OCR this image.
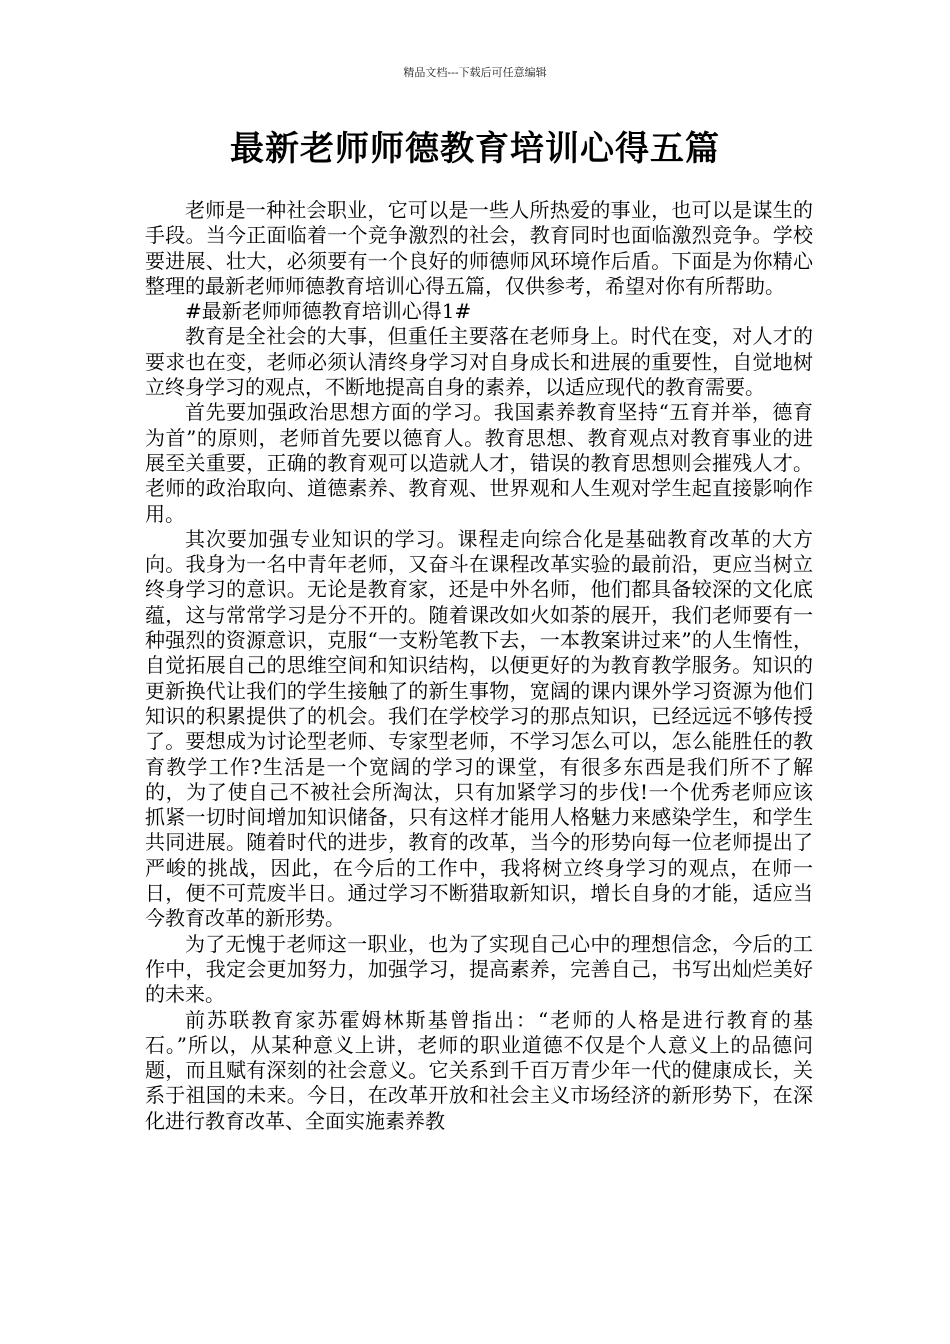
精品文档---下载后可任意编辑
最新老师师德教育培训心得五篇

老师是一种社会职业，它可以是一些人所热爱的事业，也可以是谋生的手段。当今正面临着一个竞争激烈的社会，教育同时也面临激烈竞争。学校要进展、壮大，必须要有一个良好的师德师风环境作后盾。下面是为你精心整理的最新老师师德教育培训心得五篇，仅供参考，希望对你有所帮助。

#最新老师师德教育培训心得1#

教育是全社会的大事，但重任主要落在老师身上。时代在变，对人才的要求也在变，老师必须认清终身学习对自身成长和进展的重要性，自觉地树立终身学习的观点，不断地提高自身的素养，以适应现代的教育需要。

首先要加强政治思想方面的学习。我国素养教育坚持“五育并举，德育为首”的原则，老师首先要以德育人。教育思想、教育观点对教育事业的进展至关重要，正确的教育观可以造就人才，错误的教育思想则会摧残人才。老师的政治取向、道德素养、教育观、世界观和人生观对学生起直接影响作用。

其次要加强专业知识的学习。课程走向综合化是基础教育改革的大方向。我身为一名中青年老师，又奋斗在课程改革实验的最前沿，更应当树立终身学习的意识。无论是教育家，还是中外名师，他们都具备较深的文化底蕴，这与常常学习是分不开的。随着课改如火如荼的展开，我们老师要有一种强烈的资源意识，克服“一支粉笔教下去，一本教案讲过来”的人生惰性，自觉拓展自己的思维空间和知识结构，以便更好的为教育教学服务。知识的更新换代让我们的学生接触了的新生事物，宽阔的课内课外学习资源为他们知识的积累提供了的机会。我们在学校学习的那点知识，已经远远不够传授了。要想成为讨论型老师、专家型老师，不学习怎么可以，怎么能胜任的教育教学工作?生活是一个宽阔的学习的课堂，有很多东西是我们所不了解的，为了使自己不被社会所淘汰，只有加紧学习的步伐!一个优秀老师应该抓紧一切时间增加知识储备，只有这样才能用人格魅力来感染学生，和学生共同进展。随着时代的进步，教育的改革，当今的形势向每一位老师提出了严峻的挑战，因此，在今后的工作中，我将树立终身学习的观点，在师一日，便不可荒废半日。通过学习不断猎取新知识，增长自身的才能，适应当今教育改革的新形势。

为了无愧于老师这一职业，也为了实现自己心中的理想信念，今后的工作中，我定会更加努力，加强学习，提高素养，完善自己，书写出灿烂美好的未来。

前苏联教育家苏霍姆林斯基曾指出：“老师的人格是进行教育的基石。”所以，从某种意义上讲，老师的职业道德不仅是个人意义上的品德问题，而且赋有深刻的社会意义。它关系到千百万青少年一代的健康成长，关系于祖国的未来。今日，在改革开放和社会主义市场经济的新形势下，在深化进行教育改革、全面实施素养教
